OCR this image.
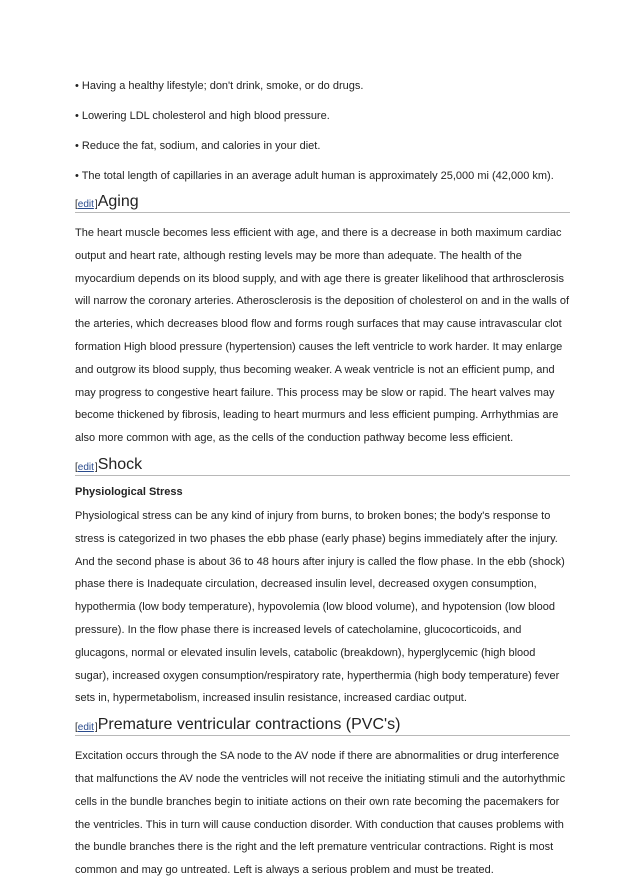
• Having a healthy lifestyle; don't drink, smoke, or do drugs.
• Lowering LDL cholesterol and high blood pressure.
• Reduce the fat, sodium, and calories in your diet.
• The total length of capillaries in an average adult human is approximately 25,000 mi (42,000 km).
[edit] Aging

The heart muscle becomes less efficient with age, and there is a decrease in both maximum cardiac output and heart rate, although resting levels may be more than adequate. The health of the myocardium depends on its blood supply, and with age there is greater likelihood that arthrosclerosis will narrow the coronary arteries. Atherosclerosis is the deposition of cholesterol on and in the walls of the arteries, which decreases blood flow and forms rough surfaces that may cause intravascular clot formation High blood pressure (hypertension) causes the left ventricle to work harder. It may enlarge and outgrow its blood supply, thus becoming weaker. A weak ventricle is not an efficient pump, and may progress to congestive heart failure. This process may be slow or rapid. The heart valves may become thickened by fibrosis, leading to heart murmurs and less efficient pumping. Arrhythmias are also more common with age, as the cells of the conduction pathway become less efficient.

[edit] Shock
Physiological Stress

Physiological stress can be any kind of injury from burns, to broken bones; the body's response to stress is categorized in two phases the ebb phase (early phase) begins immediately after the injury. And the second phase is about 36 to 48 hours after injury is called the flow phase. In the ebb (shock) phase there is Inadequate circulation, decreased insulin level, decreased oxygen consumption, hypothermia (low body temperature), hypovolemia (low blood volume), and hypotension (low blood pressure). In the flow phase there is increased levels of catecholamine, glucocorticoids, and glucagons, normal or elevated insulin levels, catabolic (breakdown), hyperglycemic (high blood sugar), increased oxygen consumption/respiratory rate, hyperthermia (high body temperature) fever sets in, hypermetabolism, increased insulin resistance, increased cardiac output.

[edit] Premature ventricular contractions (PVC's)

Excitation occurs through the SA node to the AV node if there are abnormalities or drug interference that malfunctions the AV node the ventricles will not receive the initiating stimuli and the autorhythmic cells in the bundle branches begin to initiate actions on their own rate becoming the pacemakers for the ventricles. This in turn will cause conduction disorder. With conduction that causes problems with the bundle branches there is the right and the left premature ventricular contractions. Right is most common and may go untreated. Left is always a serious problem and must be treated.
